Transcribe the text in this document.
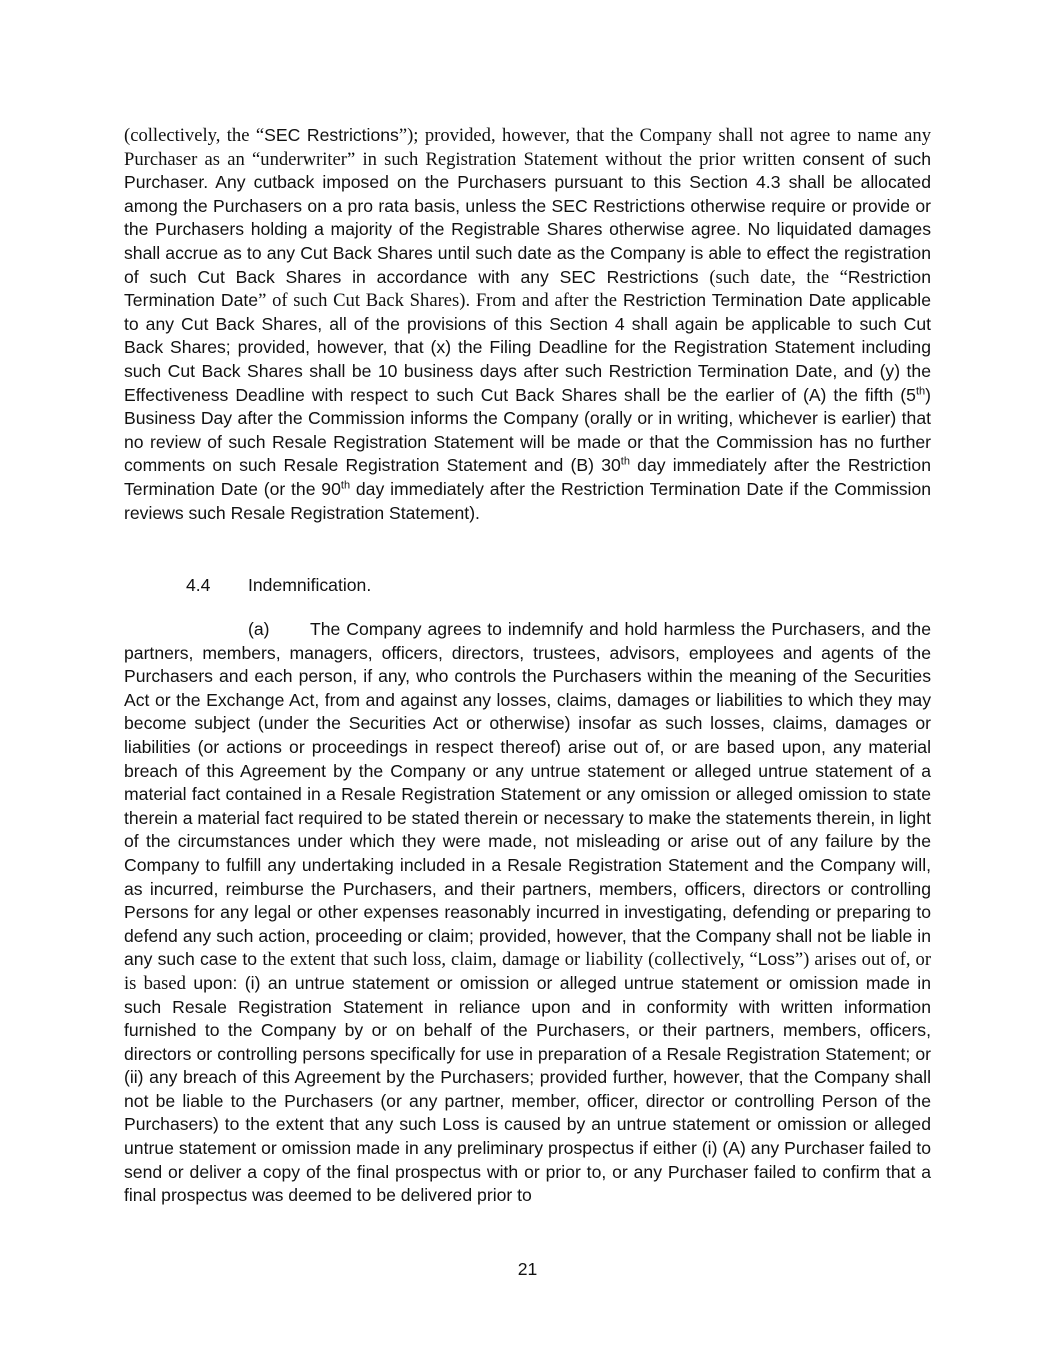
(collectively, the “SEC Restrictions”); provided, however, that the Company shall not agree to name any Purchaser as an “underwriter” in such Registration Statement without the prior written consent of such Purchaser. Any cutback imposed on the Purchasers pursuant to this Section 4.3 shall be allocated among the Purchasers on a pro rata basis, unless the SEC Restrictions otherwise require or provide or the Purchasers holding a majority of the Registrable Shares otherwise agree. No liquidated damages shall accrue as to any Cut Back Shares until such date as the Company is able to effect the registration of such Cut Back Shares in accordance with any SEC Restrictions (such date, the “Restriction Termination Date” of such Cut Back Shares). From and after the Restriction Termination Date applicable to any Cut Back Shares, all of the provisions of this Section 4 shall again be applicable to such Cut Back Shares; provided, however, that (x) the Filing Deadline for the Registration Statement including such Cut Back Shares shall be 10 business days after such Restriction Termination Date, and (y) the Effectiveness Deadline with respect to such Cut Back Shares shall be the earlier of (A) the fifth (5th) Business Day after the Commission informs the Company (orally or in writing, whichever is earlier) that no review of such Resale Registration Statement will be made or that the Commission has no further comments on such Resale Registration Statement and (B) 30th day immediately after the Restriction Termination Date (or the 90th day immediately after the Restriction Termination Date if the Commission reviews such Resale Registration Statement).

4.4 Indemnification.

(a) The Company agrees to indemnify and hold harmless the Purchasers, and the partners, members, managers, officers, directors, trustees, advisors, employees and agents of the Purchasers and each person, if any, who controls the Purchasers within the meaning of the Securities Act or the Exchange Act, from and against any losses, claims, damages or liabilities to which they may become subject (under the Securities Act or otherwise) insofar as such losses, claims, damages or liabilities (or actions or proceedings in respect thereof) arise out of, or are based upon, any material breach of this Agreement by the Company or any untrue statement or alleged untrue statement of a material fact contained in a Resale Registration Statement or any omission or alleged omission to state therein a material fact required to be stated therein or necessary to make the statements therein, in light of the circumstances under which they were made, not misleading or arise out of any failure by the Company to fulfill any undertaking included in a Resale Registration Statement and the Company will, as incurred, reimburse the Purchasers, and their partners, members, officers, directors or controlling Persons for any legal or other expenses reasonably incurred in investigating, defending or preparing to defend any such action, proceeding or claim; provided, however, that the Company shall not be liable in any such case to the extent that such loss, claim, damage or liability (collectively, “Loss”) arises out of, or is based upon: (i) an untrue statement or omission or alleged untrue statement or omission made in such Resale Registration Statement in reliance upon and in conformity with written information furnished to the Company by or on behalf of the Purchasers, or their partners, members, officers, directors or controlling persons specifically for use in preparation of a Resale Registration Statement; or (ii) any breach of this Agreement by the Purchasers; provided further, however, that the Company shall not be liable to the Purchasers (or any partner, member, officer, director or controlling Person of the Purchasers) to the extent that any such Loss is caused by an untrue statement or omission or alleged untrue statement or omission made in any preliminary prospectus if either (i) (A) any Purchaser failed to send or deliver a copy of the final prospectus with or prior to, or any Purchaser failed to confirm that a final prospectus was deemed to be delivered prior to

21
